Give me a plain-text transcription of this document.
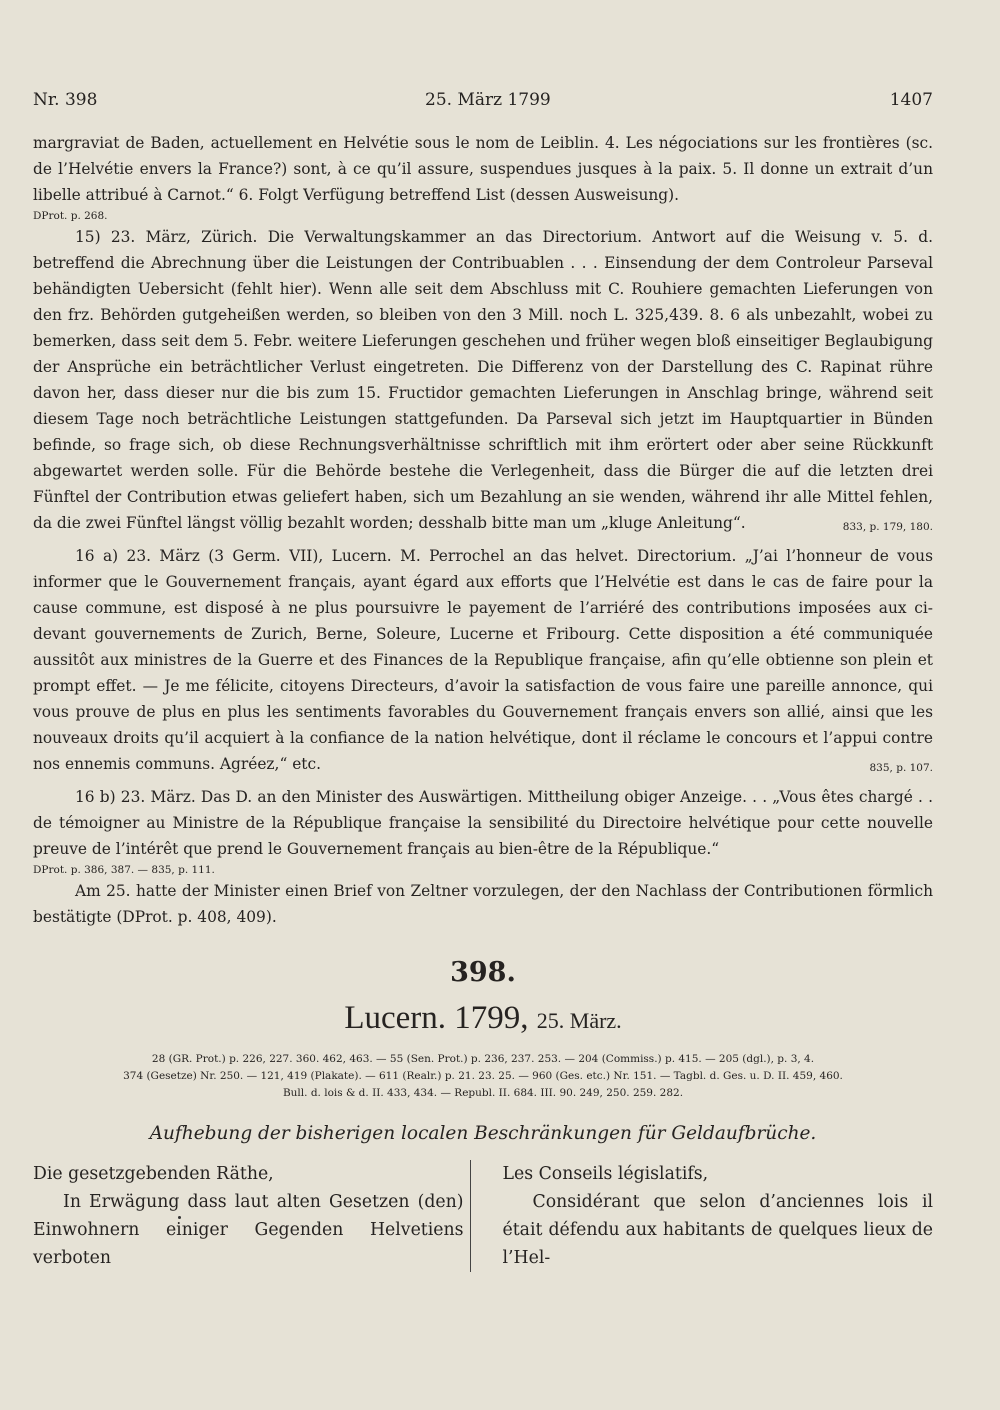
Nr. 398	25. März 1799	1407

margraviat de Baden, actuellement en Helvétie sous le nom de Leiblin. 4. Les négociations sur les frontières (sc. de l’Helvétie envers la France?) sont, à ce qu’il assure, suspendues jusques à la paix. 5. Il donne un extrait d’un libelle attribué à Carnot.“ 6. Folgt Verfügung betreffend List (dessen Ausweisung).

DProt. p. 268.

15) 23. März, Zürich. Die Verwaltungskammer an das Directorium. Antwort auf die Weisung v. 5. d. betreffend die Abrechnung über die Leistungen der Contribuablen . . . Einsendung der dem Controleur Parseval behändigten Uebersicht (fehlt hier). Wenn alle seit dem Abschluss mit C. Rouhiere gemachten Lieferungen von den frz. Behörden gutgeheißen werden, so bleiben von den 3 Mill. noch L. 325,439. 8. 6 als unbezahlt, wobei zu bemerken, dass seit dem 5. Febr. weitere Lieferungen geschehen und früher wegen bloß einseitiger Beglaubigung der Ansprüche ein beträchtlicher Verlust eingetreten. Die Differenz von der Darstellung des C. Rapinat rühre davon her, dass dieser nur die bis zum 15. Fructidor gemachten Lieferungen in Anschlag bringe, während seit diesem Tage noch beträchtliche Leistungen stattgefunden. Da Parseval sich jetzt im Hauptquartier in Bünden befinde, so frage sich, ob diese Rechnungsverhältnisse schriftlich mit ihm erörtert oder aber seine Rückkunft abgewartet werden solle. Für die Behörde bestehe die Verlegenheit, dass die Bürger die auf die letzten drei Fünftel der Contribution etwas geliefert haben, sich um Bezahlung an sie wenden, während ihr alle Mittel fehlen, da die zwei Fünftel längst völlig bezahlt worden; desshalb bitte man um „kluge Anleitung“.	833, p. 179, 180.

16 a) 23. März (3 Germ. VII), Lucern. M. Perrochel an das helvet. Directorium. „J’ai l’honneur de vous informer que le Gouvernement français, ayant égard aux efforts que l’Helvétie est dans le cas de faire pour la cause commune, est disposé à ne plus poursuivre le payement de l’arriéré des contributions imposées aux ci-devant gouvernements de Zurich, Berne, Soleure, Lucerne et Fribourg. Cette disposition a été communiquée aussitôt aux ministres de la Guerre et des Finances de la Republique française, afin qu’elle obtienne son plein et prompt effet. — Je me félicite, citoyens Directeurs, d’avoir la satisfaction de vous faire une pareille annonce, qui vous prouve de plus en plus les sentiments favorables du Gouvernement français envers son allié, ainsi que les nouveaux droits qu’il acquiert à la confiance de la nation helvétique, dont il réclame le concours et l’appui contre nos ennemis communs. Agréez,“ etc.	835, p. 107.

16 b) 23. März. Das D. an den Minister des Auswärtigen. Mittheilung obiger Anzeige. . . „Vous êtes chargé . . de témoigner au Ministre de la République française la sensibilité du Directoire helvétique pour cette nouvelle preuve de l’intérêt que prend le Gouvernement français au bien-être de la République.“

DProt. p. 386, 387. — 835, p. 111.

Am 25. hatte der Minister einen Brief von Zeltner vorzulegen, der den Nachlass der Contributionen förmlich bestätigte (DProt. p. 408, 409).

398.
Lucern. 1799, 25. März.
28 (GR. Prot.) p. 226, 227. 360. 462, 463. — 55 (Sen. Prot.) p. 236, 237. 253. — 204 (Commiss.) p. 415. — 205 (dgl.), p. 3, 4.
374 (Gesetze) Nr. 250. — 121, 419 (Plakate). — 611 (Realr.) p. 21. 23. 25. — 960 (Ges. etc.) Nr. 151. — Tagbl. d. Ges. u. D. II. 459, 460.
Bull. d. lois & d. II. 433, 434. — Republ. II. 684. III. 90. 249, 250. 259. 282.
Aufhebung der bisherigen localen Beschränkungen für Geldaufbrüche.

Die gesetzgebenden Räthe,

In Erwägung dass laut alten Gesetzen (den) Einwohnern einiger Gegenden Helvetiens verboten

Les Conseils législatifs,

Considérant que selon d’anciennes lois il était défendu aux habitants de quelques lieux de l’Hel-
